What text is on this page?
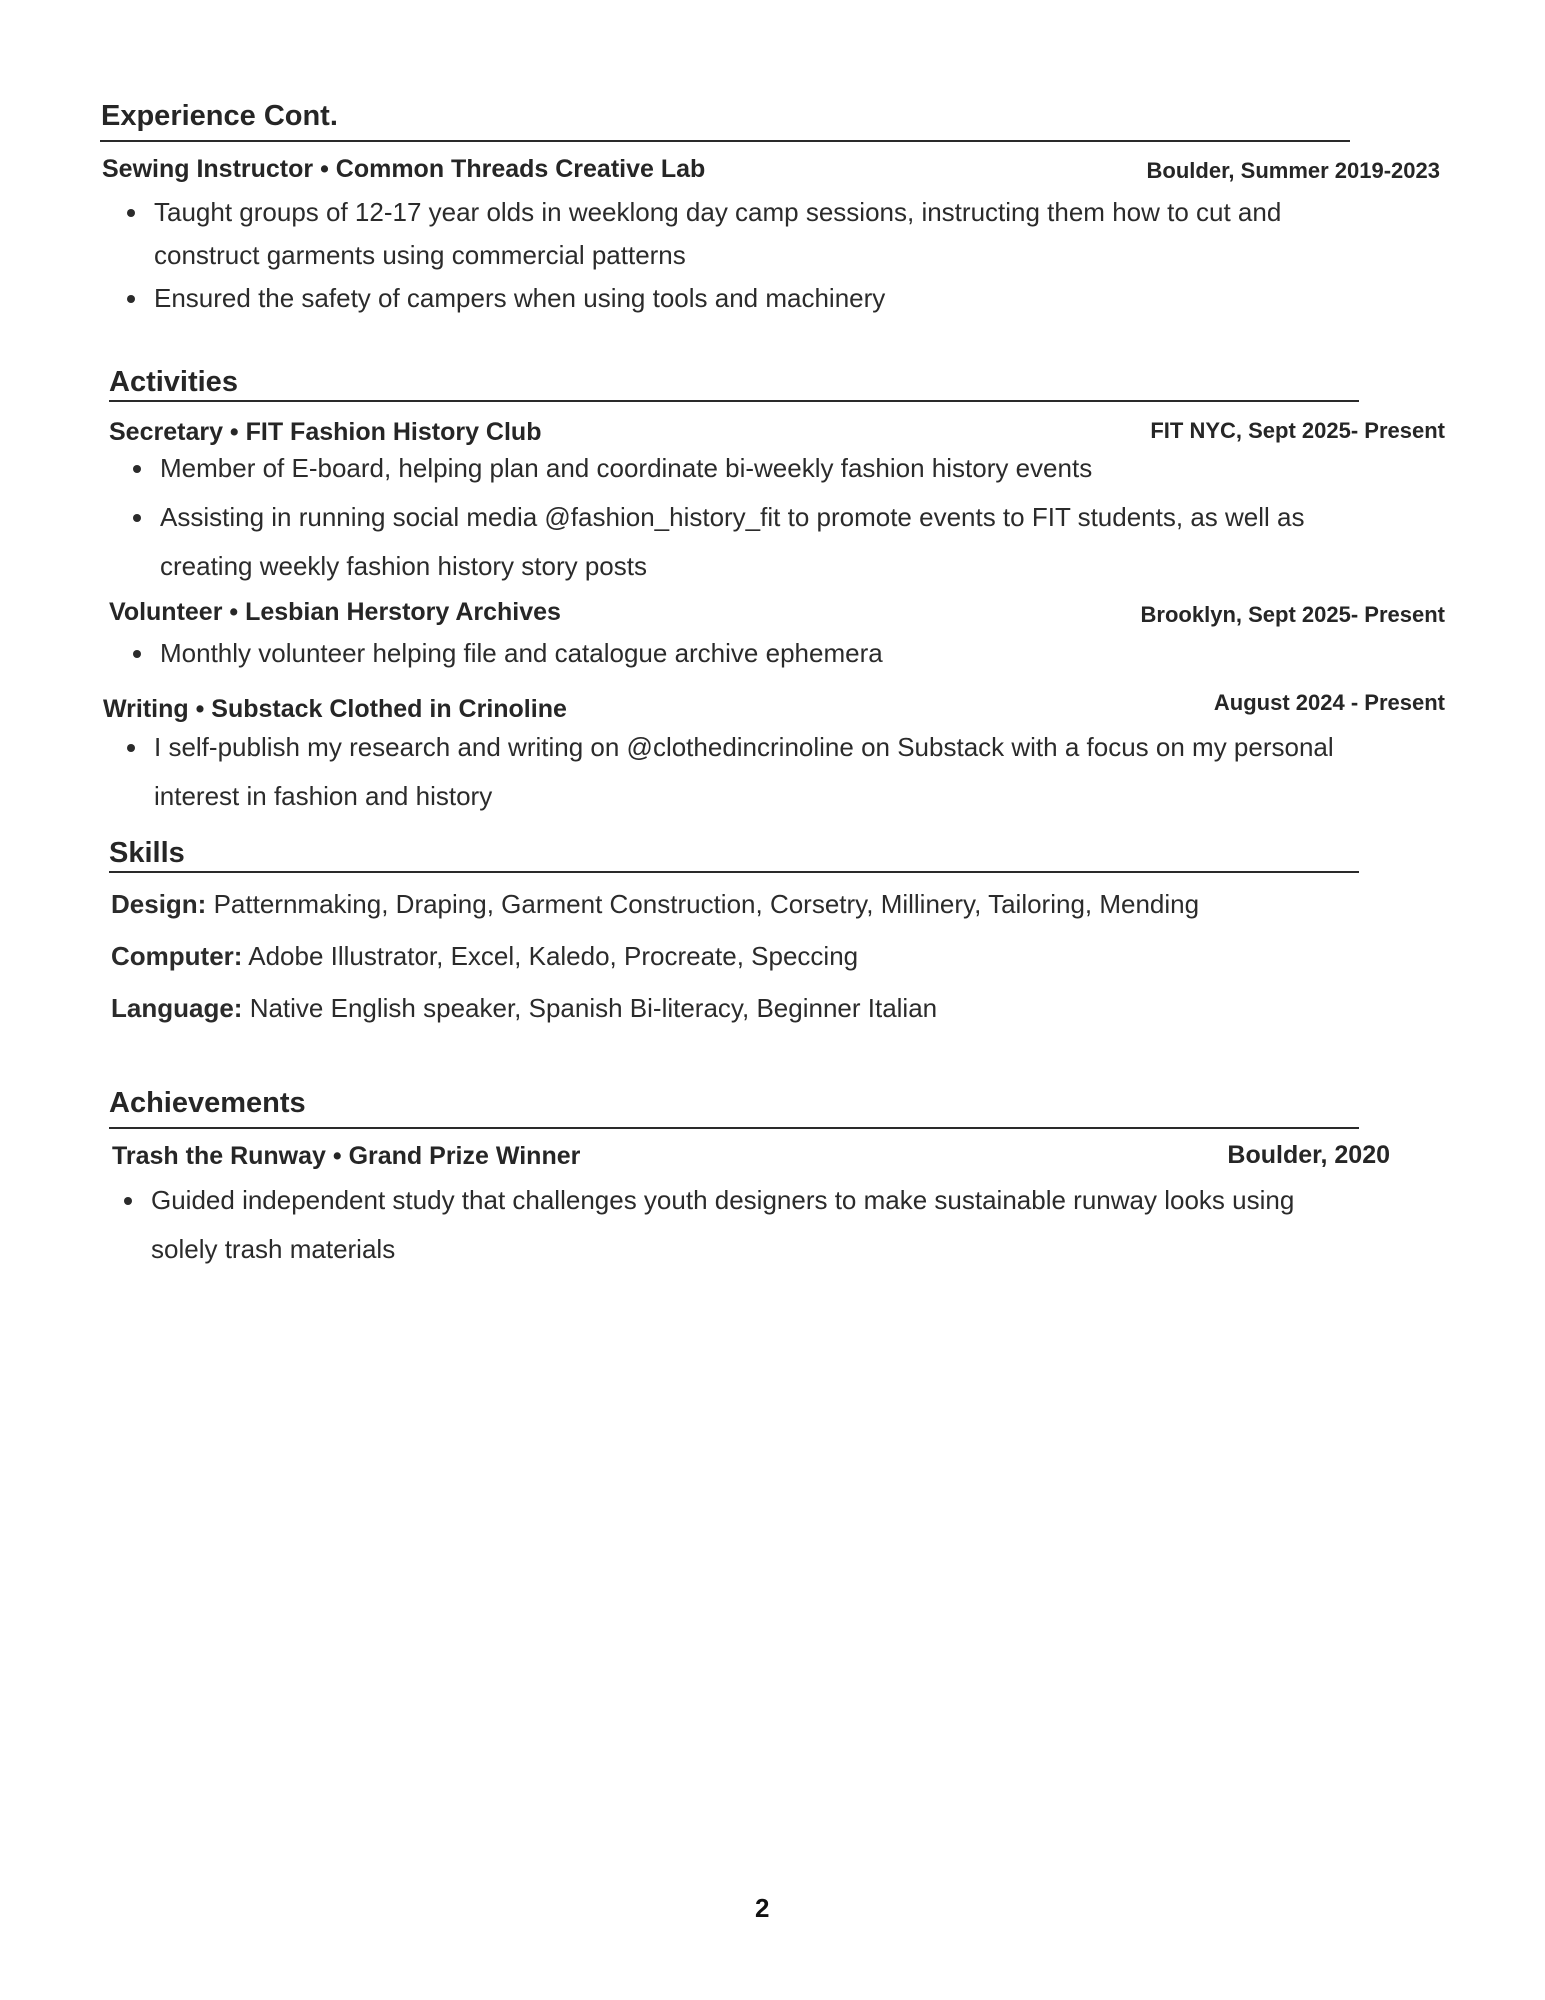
Experience Cont.
Sewing Instructor • Common Threads Creative Lab	Boulder, Summer 2019-2023
Taught groups of 12-17 year olds in weeklong day camp sessions, instructing them how to cut and
construct garments using commercial patterns
Ensured the safety of campers when using tools and machinery
Activities
Secretary • FIT Fashion History Club	FIT NYC, Sept 2025- Present
Member of E-board, helping plan and coordinate bi-weekly fashion history events
Assisting in running social media @fashion_history_fit to promote events to FIT students, as well as
creating weekly fashion history story posts
Volunteer • Lesbian Herstory Archives	Brooklyn, Sept 2025- Present
Monthly volunteer helping file and catalogue archive ephemera
Writing • Substack Clothed in Crinoline	August 2024 - Present
I self-publish my research and writing on @clothedincrinoline on Substack with a focus on my personal
interest in fashion and history
Skills
Design: Patternmaking, Draping, Garment Construction, Corsetry, Millinery, Tailoring, Mending
Computer: Adobe Illustrator, Excel, Kaledo, Procreate, Speccing
Language: Native English speaker, Spanish Bi-literacy, Beginner Italian
Achievements
Trash the Runway • Grand Prize Winner	Boulder, 2020
Guided independent study that challenges youth designers to make sustainable runway looks using
solely trash materials
2
